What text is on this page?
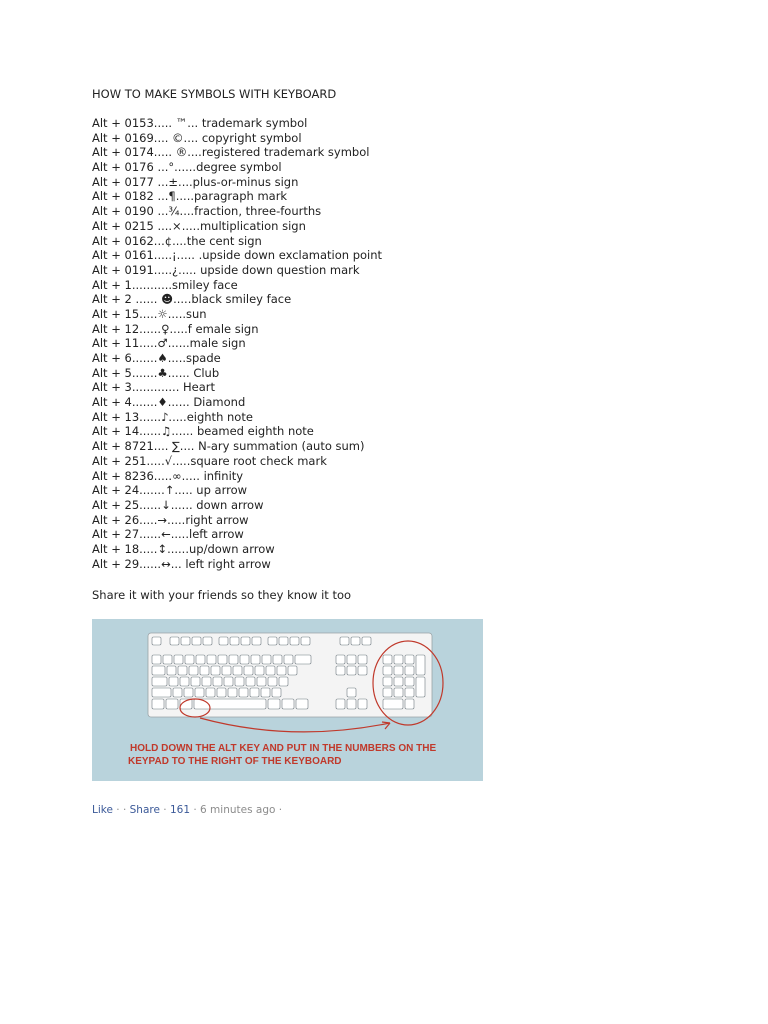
HOW TO MAKE SYMBOLS WITH KEYBOARD
Alt + 0153..... ™... trademark symbol
Alt + 0169.... ©.... copyright symbol
Alt + 0174..... ®....registered trademark symbol
Alt + 0176 ...°......degree symbol
Alt + 0177 ...±....plus-or-minus sign
Alt + 0182 ...¶.....paragraph mark
Alt + 0190 ...¾....fraction, three-fourths
Alt + 0215 ....×.....multiplication sign
Alt + 0162...¢....the cent sign
Alt + 0161.....¡..... .upside down exclamation point
Alt + 0191.....¿..... upside down question mark
Alt + 1...........smiley face
Alt + 2 ...... ☻.....black smiley face
Alt + 15.....☼.....sun
Alt + 12......♀.....f emale sign
Alt + 11.....♂......male sign
Alt + 6.......♠.....spade
Alt + 5.......♣...... Club
Alt + 3............. Heart
Alt + 4.......♦...... Diamond
Alt + 13......♪.....eighth note
Alt + 14......♫...... beamed eighth note
Alt + 8721.... ∑.... N-ary summation (auto sum)
Alt + 251.....√.....square root check mark
Alt + 8236.....∞..... infinity
Alt + 24.......↑..... up arrow
Alt + 25......↓...... down arrow
Alt + 26.....→.....right arrow
Alt + 27......←.....left arrow
Alt + 18.....↕......up/down arrow
Alt + 29......↔... left right arrow
Share it with your friends so they know it too
HOLD DOWN THE ALT KEY AND PUT IN THE NUMBERS ON THE
KEYPAD TO THE RIGHT OF THE KEYBOARD
Like · · Share · 161 · 6 minutes ago ·
